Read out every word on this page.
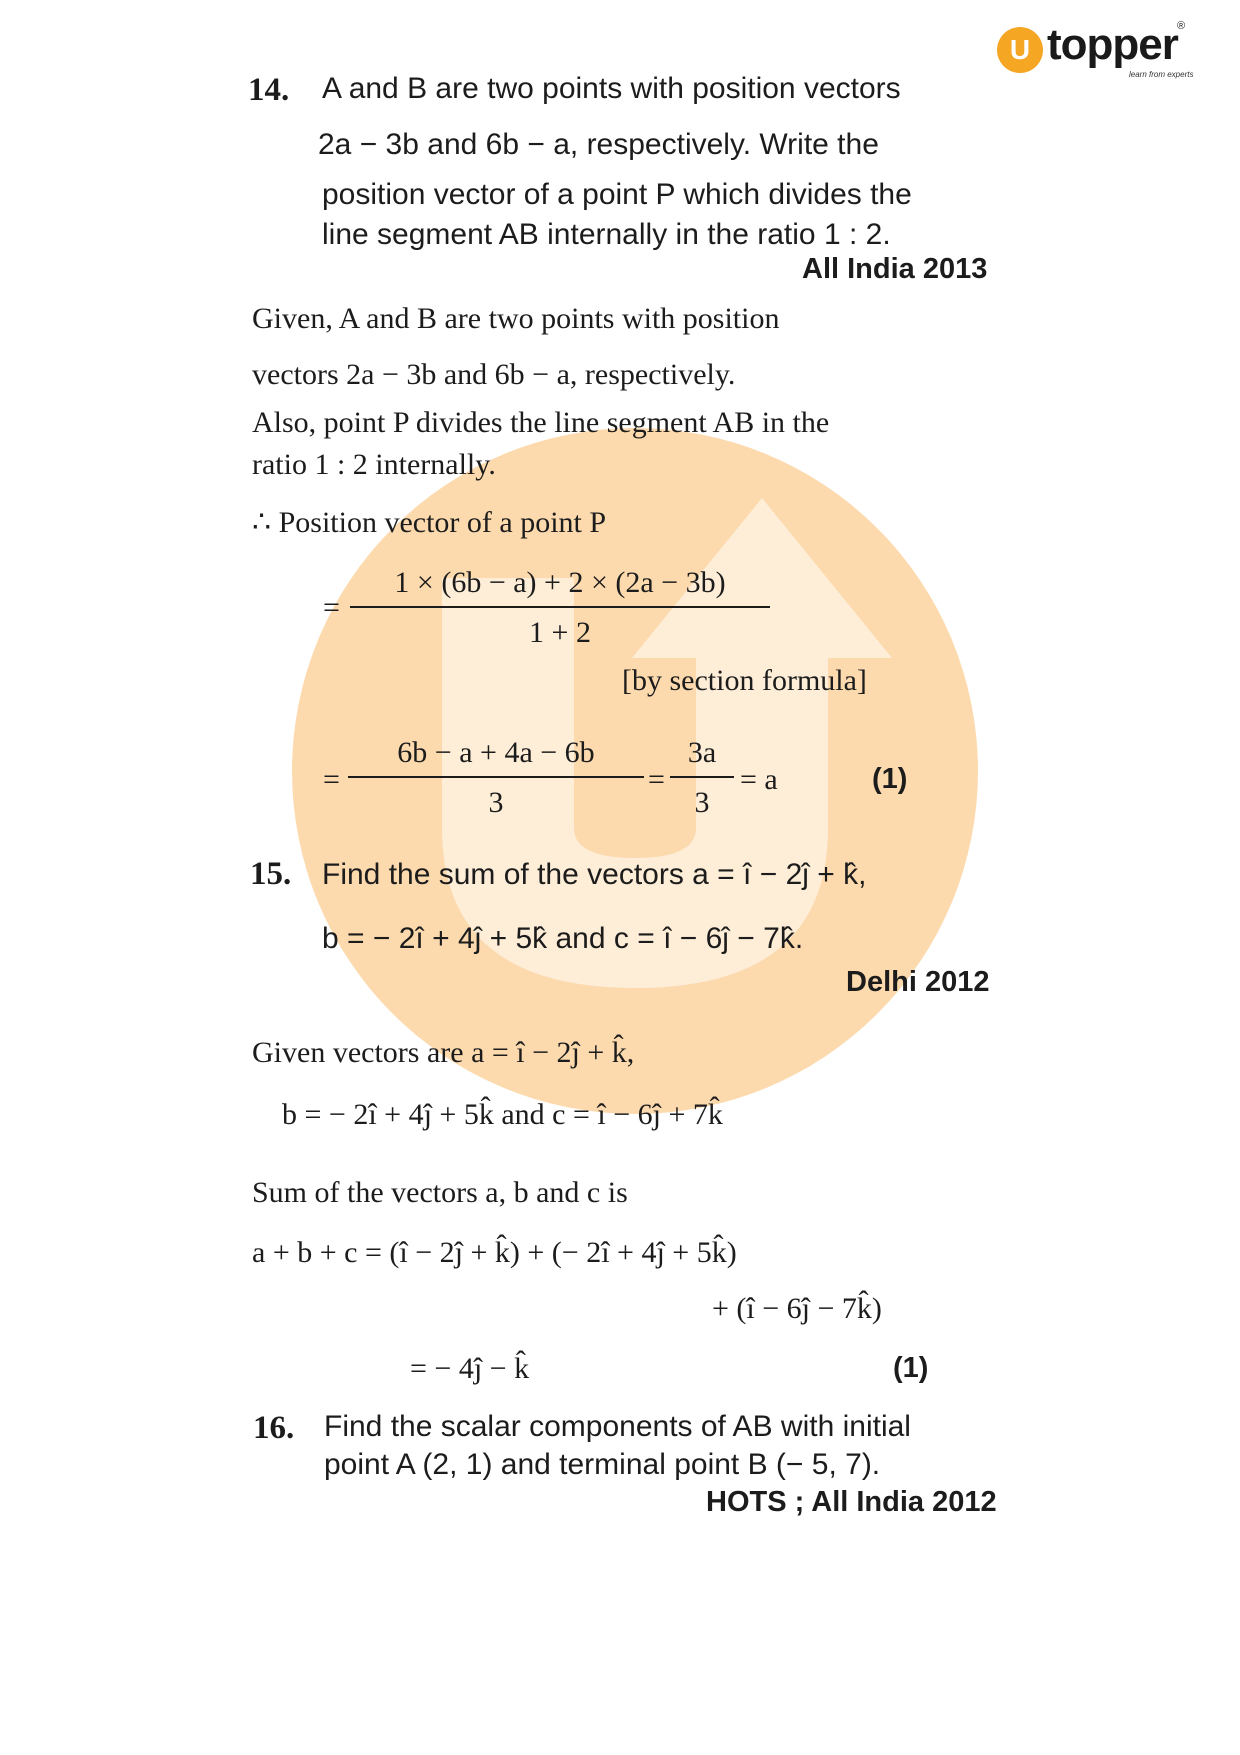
U topper ®
learn from experts
14. A and B are two points with position vectors
2a − 3b and 6b − a, respectively. Write the
position vector of a point P which divides the
line segment AB internally in the ratio 1 : 2.
All India 2013
Given, A and B are two points with position
vectors 2a − 3b and 6b − a, respectively.
Also, point P divides the line segment AB in the
ratio 1 : 2 internally.
∴ Position vector of a point P
=
1 × (6b − a) + 2 × (2a − 3b)
1 + 2
[by section formula]
=
6b − a + 4a − 6b
3
=
3a
3
= a	(1)
15. Find the sum of the vectors a = î − 2ĵ + k̂,
b = − 2î + 4ĵ + 5k̂ and c = î − 6ĵ − 7k̂.
Delhi 2012
Given vectors are a = î − 2ĵ + k̂,
b = − 2î + 4ĵ + 5k̂ and c = î − 6ĵ + 7k̂
Sum of the vectors a, b and c is
a + b + c = (î − 2ĵ + k̂) + (− 2î + 4ĵ + 5k̂)
+ (î − 6ĵ − 7k̂)
= − 4ĵ − k̂	(1)
16. Find the scalar components of AB with initial
point A (2, 1) and terminal point B (− 5, 7).
HOTS ; All India 2012
